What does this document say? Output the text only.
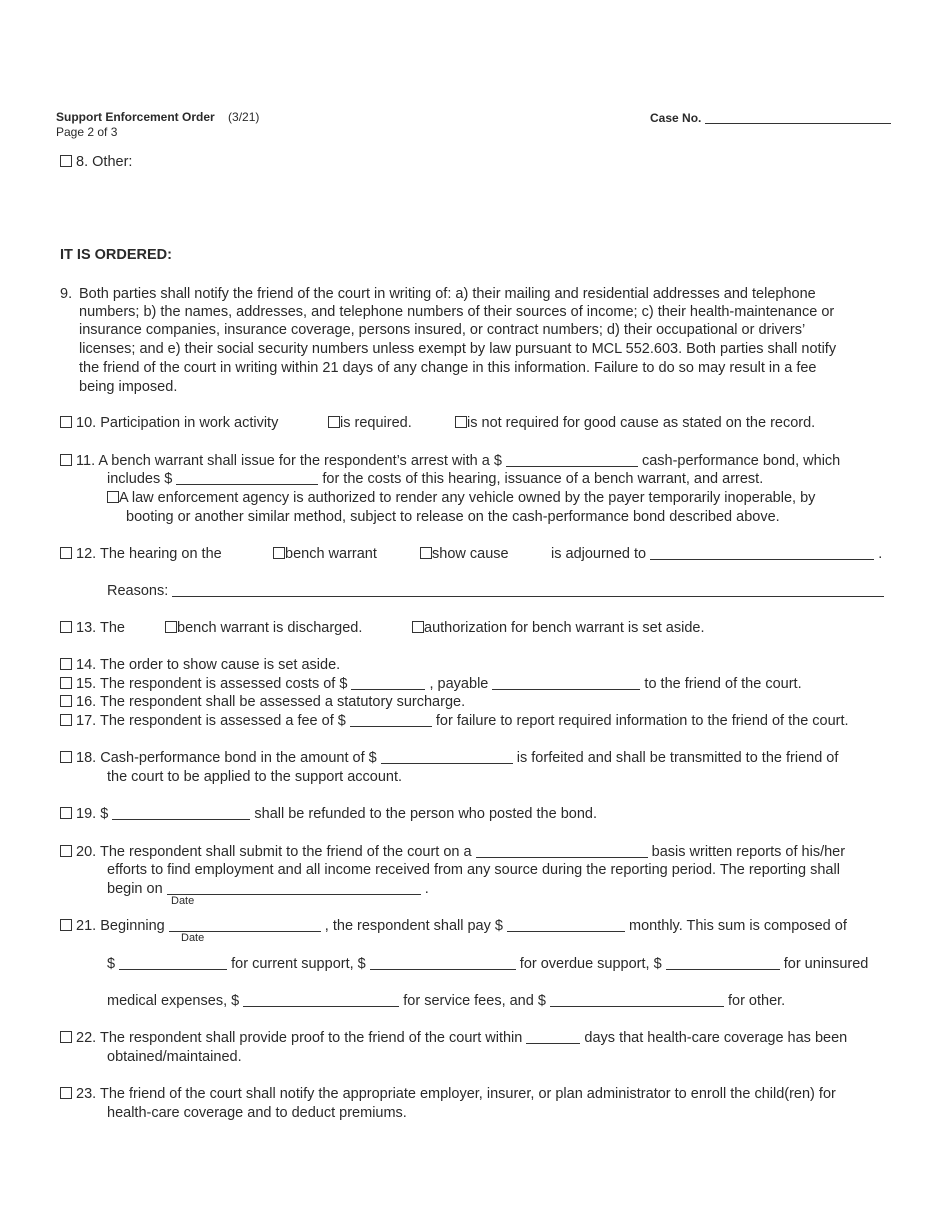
Support Enforcement Order (3/21)
Page 2 of 3
Case No.
8. Other:
IT IS ORDERED:
9. Both parties shall notify the friend of the court in writing of: a) their mailing and residential addresses and telephone
numbers; b) the names, addresses, and telephone numbers of their sources of income; c) their health-maintenance or
insurance companies, insurance coverage, persons insured, or contract numbers; d) their occupational or drivers’
licenses; and e) their social security numbers unless exempt by law pursuant to MCL 552.603. Both parties shall notify
the friend of the court in writing within 21 days of any change in this information. Failure to do so may result in a fee
being imposed.
10. Participation in work activity	is required.	is not required for good cause as stated on the record.
11. A bench warrant shall issue for the respondent’s arrest with a $	cash-performance bond, which
includes $	for the costs of this hearing, issuance of a bench warrant, and arrest.
A law enforcement agency is authorized to render any vehicle owned by the payer temporarily inoperable, by
booting or another similar method, subject to release on the cash-performance bond described above.
12. The hearing on the	bench warrant	show cause	is adjourned to	.
Reasons:
13. The	bench warrant is discharged.	authorization for bench warrant is set aside.
14. The order to show cause is set aside.
15. The respondent is assessed costs of $	, payable	to the friend of the court.
16. The respondent shall be assessed a statutory surcharge.
17. The respondent is assessed a fee of $	for failure to report required information to the friend of the court.
18. Cash-performance bond in the amount of $	is forfeited and shall be transmitted to the friend of
the court to be applied to the support account.
19. $	shall be refunded to the person who posted the bond.
20. The respondent shall submit to the friend of the court on a	basis written reports of his/her
efforts to find employment and all income received from any source during the reporting period. The reporting shall
begin on	.
Date
21. Beginning	, the respondent shall pay $	monthly. This sum is composed of
Date
$	for current support, $	for overdue support, $	for uninsured
medical expenses, $	for service fees, and $	for other.
22. The respondent shall provide proof to the friend of the court within	days that health-care coverage has been
obtained/maintained.
23. The friend of the court shall notify the appropriate employer, insurer, or plan administrator to enroll the child(ren) for
health-care coverage and to deduct premiums.
